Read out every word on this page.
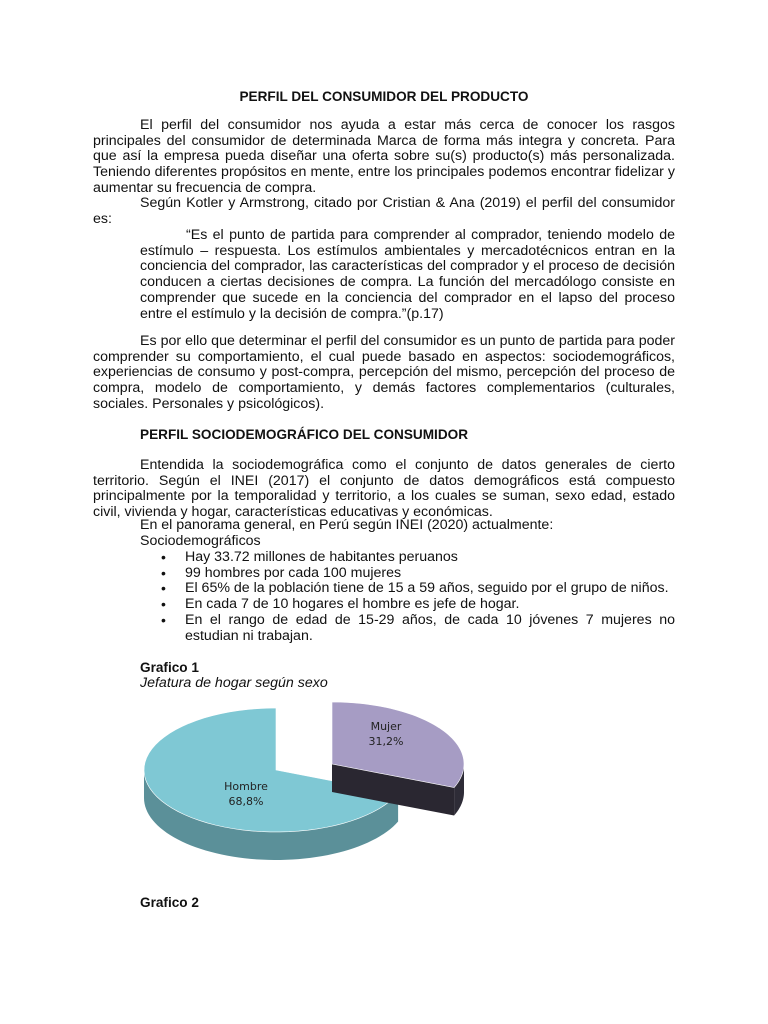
PERFIL DEL CONSUMIDOR DEL PRODUCTO

El perfil del consumidor nos ayuda a estar más cerca de conocer los rasgos principales del consumidor de determinada Marca de forma más integra y concreta. Para que así la empresa pueda diseñar una oferta sobre su(s) producto(s) más personalizada. Teniendo diferentes propósitos en mente, entre los principales podemos encontrar fidelizar y aumentar su frecuencia de compra.

Según Kotler y Armstrong, citado por Cristian & Ana (2019) el perfil del consumidor es:

“Es el punto de partida para comprender al comprador, teniendo modelo de estímulo – respuesta. Los estímulos ambientales y mercadotécnicos entran en la conciencia del comprador, las características del comprador y el proceso de decisión conducen a ciertas decisiones de compra. La función del mercadólogo consiste en comprender que sucede en la conciencia del comprador en el lapso del proceso entre el estímulo y la decisión de compra.”(p.17)

Es por ello que determinar el perfil del consumidor es un punto de partida para poder comprender su comportamiento, el cual puede basado en aspectos: sociodemográficos, experiencias de consumo y post-compra, percepción del mismo, percepción del proceso de compra, modelo de comportamiento, y demás factores complementarios (culturales, sociales. Personales y psicológicos).

PERFIL SOCIODEMOGRÁFICO DEL CONSUMIDOR

Entendida la sociodemográfica como el conjunto de datos generales de cierto territorio. Según el INEI (2017) el conjunto de datos demográficos está compuesto principalmente por la temporalidad y territorio, a los cuales se suman, sexo edad, estado civil, vivienda y hogar, características educativas y económicas.

En el panorama general, en Perú según INEI (2020) actualmente:

Sociodemográficos

• Hay 33.72 millones de habitantes peruanos
• 99 hombres por cada 100 mujeres
• El 65% de la población tiene de 15 a 59 años, seguido por el grupo de niños.
• En cada 7 de 10 hogares el hombre es jefe de hogar.
• En el rango de edad de 15-29 años, de cada 10 jóvenes 7 mujeres no estudian ni trabajan.

Grafico 1

Jefatura de hogar según sexo

Grafico 2

Hombre
68,8%
Mujer
31,2%
